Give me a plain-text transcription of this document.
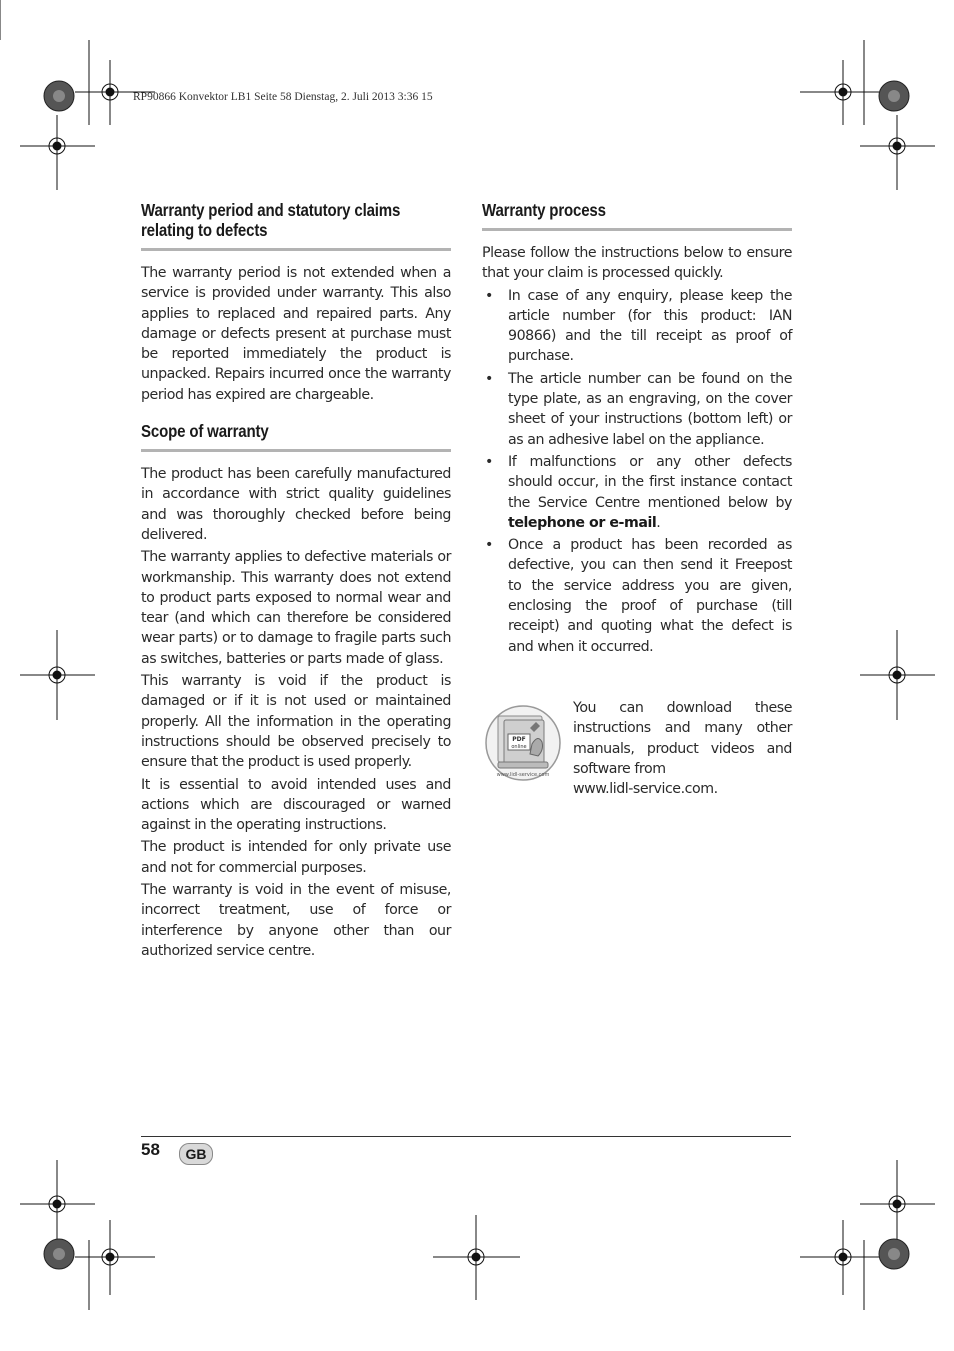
RP90866 Konvektor LB1 Seite 58 Dienstag, 2. Juli 2013 3:36 15
Warranty period and statutory claims
relating to defects

The warranty period is not extended when a service is provided under warranty. This also applies to replaced and repaired parts. Any damage or defects present at purchase must be reported immediately the product is unpacked. Repairs incurred once the warranty period has expired are chargeable.

Scope of warranty

The product has been carefully manufactured in accordance with strict quality guidelines and was thoroughly checked before being delivered.

The warranty applies to defective materials or workmanship. This warranty does not extend to product parts exposed to normal wear and tear (and which can therefore be considered wear parts) or to damage to fragile parts such as switches, batteries or parts made of glass.

This warranty is void if the product is damaged or if it is not used or maintained properly. All the information in the operating instructions should be observed precisely to ensure that the product is used properly.

It is essential to avoid intended uses and actions which are discouraged or warned against in the operating instructions.

The product is intended for only private use and not for commercial purposes.

The warranty is void in the event of misuse, incorrect treatment, use of force or interference by anyone other than our authorized service centre.

Warranty process

Please follow the instructions below to ensure that your claim is processed quickly.

• In case of any enquiry, please keep the article number (for this product: IAN 90866) and the till receipt as proof of purchase.
• The article number can be found on the type plate, as an engraving, on the cover sheet of your instructions (bottom left) or as an adhesive label on the appliance.
• If malfunctions or any other defects should occur, in the first instance contact the Service Centre mentioned below by telephone or e-mail.
• Once a product has been recorded as defective, you can then send it Freepost to the service address you are given, enclosing the proof of purchase (till receipt) and quoting what the defect is and when it occurred.
PDF
online
www.lidl-service.com
You can download these instructions and many other manuals, product videos and software from
www.lidl-service.com.
58	GB
